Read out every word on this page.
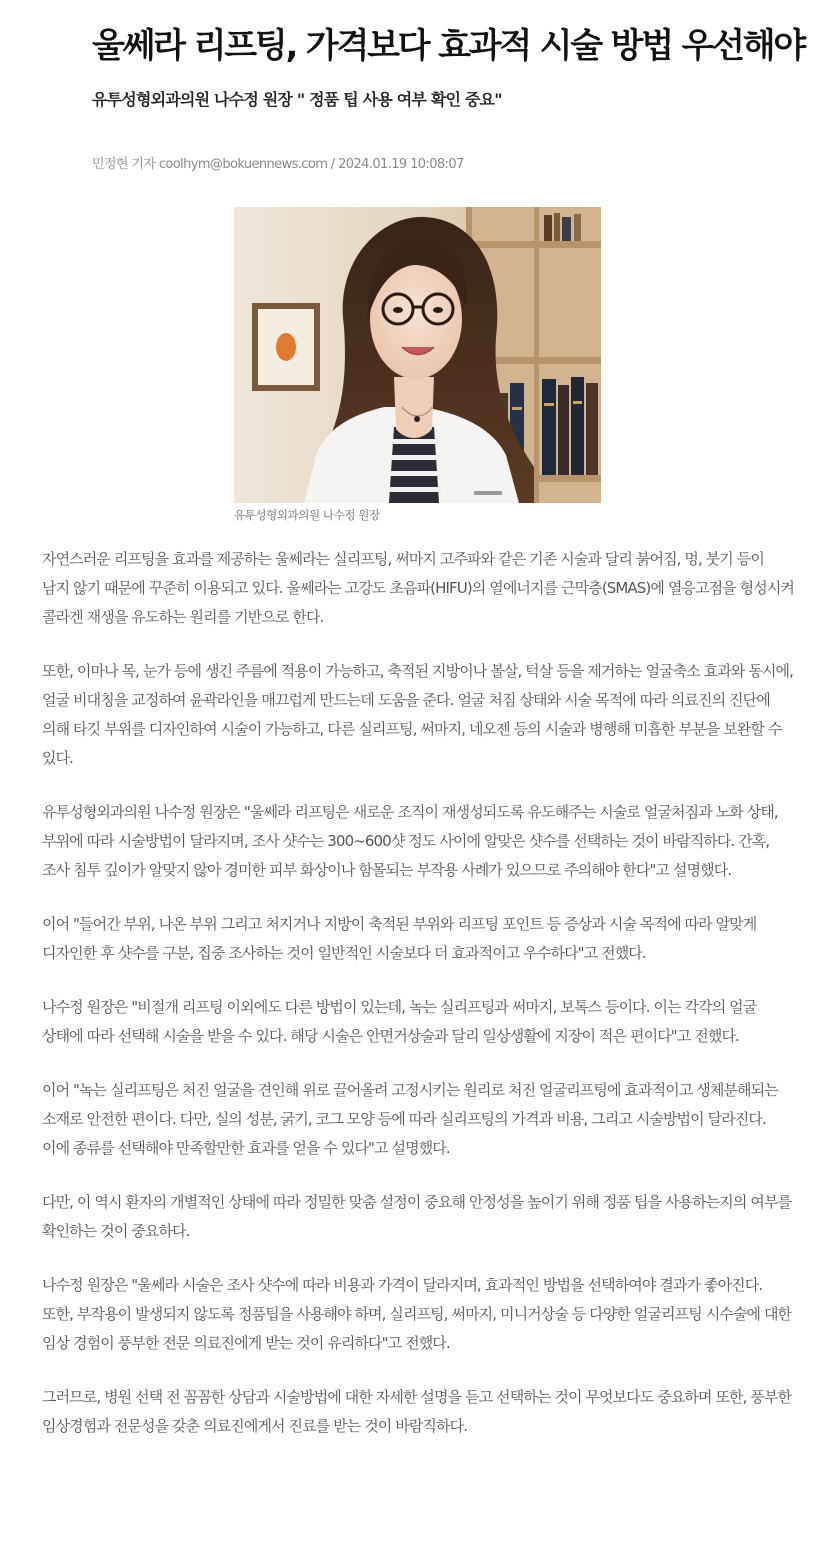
울쎄라 리프팅, 가격보다 효과적 시술 방법 우선해야
유투성형외과의원 나수정 원장 " 정품 팁 사용 여부 확인 중요"
민정현 기자 coolhym@bokuennews.com / 2024.01.19 10:08:07
유투성형외과의원 나수정 원장

자연스러운 리프팅을 효과를 제공하는 울쎄라는 실리프팅, 써마지 고주파와 같은 기존 시술과 달리 붉어짐, 멍, 붓기 등이 남지 않기 때문에 꾸준히 이용되고 있다. 울쎄라는 고강도 초음파(HIFU)의 열에너지를 근막층(SMAS)에 열응고점을 형성시켜 콜라겐 재생을 유도하는 원리를 기반으로 한다.

또한, 이마나 목, 눈가 등에 생긴 주름에 적용이 가능하고, 축적된 지방이나 볼살, 턱살 등을 제거하는 얼굴축소 효과와 동시에, 얼굴 비대칭을 교정하여 윤곽라인을 매끄럽게 만드는데 도움을 준다. 얼굴 처짐 상태와 시술 목적에 따라 의료진의 진단에 의해 타깃 부위를 디자인하여 시술이 가능하고, 다른 실리프팅, 써마지, 네오젠 등의 시술과 병행해 미흡한 부분을 보완할 수 있다.

유투성형외과의원 나수정 원장은 "울쎄라 리프팅은 새로운 조직이 재생성되도록 유도해주는 시술로 얼굴처짐과 노화 상태, 부위에 따라 시술방법이 달라지며, 조사 샷수는 300~600샷 정도 사이에 알맞은 샷수를 선택하는 것이 바람직하다. 간혹, 조사 침투 깊이가 알맞지 않아 경미한 피부 화상이나 함몰되는 부작용 사례가 있으므로 주의해야 한다"고 설명했다.

이어 "들어간 부위, 나온 부위 그리고 처지거나 지방이 축적된 부위와 리프팅 포인트 등 증상과 시술 목적에 따라 알맞게 디자인한 후 샷수를 구분, 집중 조사하는 것이 일반적인 시술보다 더 효과적이고 우수하다"고 전했다.

나수정 원장은 "비절개 리프팅 이외에도 다른 방법이 있는데, 녹는 실리프팅과 써마지, 보톡스 등이다. 이는 각각의 얼굴 상태에 따라 선택해 시술을 받을 수 있다. 해당 시술은 안면거상술과 달리 일상생활에 지장이 적은 편이다"고 전했다.

이어 "녹는 실리프팅은 처진 얼굴을 견인해 위로 끌어올려 고정시키는 원리로 처진 얼굴리프팅에 효과적이고 생체분해되는 소재로 안전한 편이다. 다만, 실의 성분, 굵기, 코그 모양 등에 따라 실리프팅의 가격과 비용, 그리고 시술방법이 달라진다. 이에 종류를 선택해야 만족할만한 효과를 얻을 수 있다"고 설명했다.

다만, 이 역시 환자의 개별적인 상태에 따라 정밀한 맞춤 설정이 중요해 안정성을 높이기 위해 정품 팁을 사용하는지의 여부를 확인하는 것이 중요하다.

나수정 원장은 "울쎄라 시술은 조사 샷수에 따라 비용과 가격이 달라지며, 효과적인 방법을 선택하여야 결과가 좋아진다. 또한, 부작용이 발생되지 않도록 정품팁을 사용해야 하며, 실리프팅, 써마지, 미니거상술 등 다양한 얼굴리프팅 시수술에 대한 임상 경험이 풍부한 전문 의료진에게 받는 것이 유리하다"고 전했다.

그러므로, 병원 선택 전 꼼꼼한 상담과 시술방법에 대한 자세한 설명을 듣고 선택하는 것이 무엇보다도 중요하며 또한, 풍부한 임상경험과 전문성을 갖춘 의료진에게서 진료를 받는 것이 바람직하다.
